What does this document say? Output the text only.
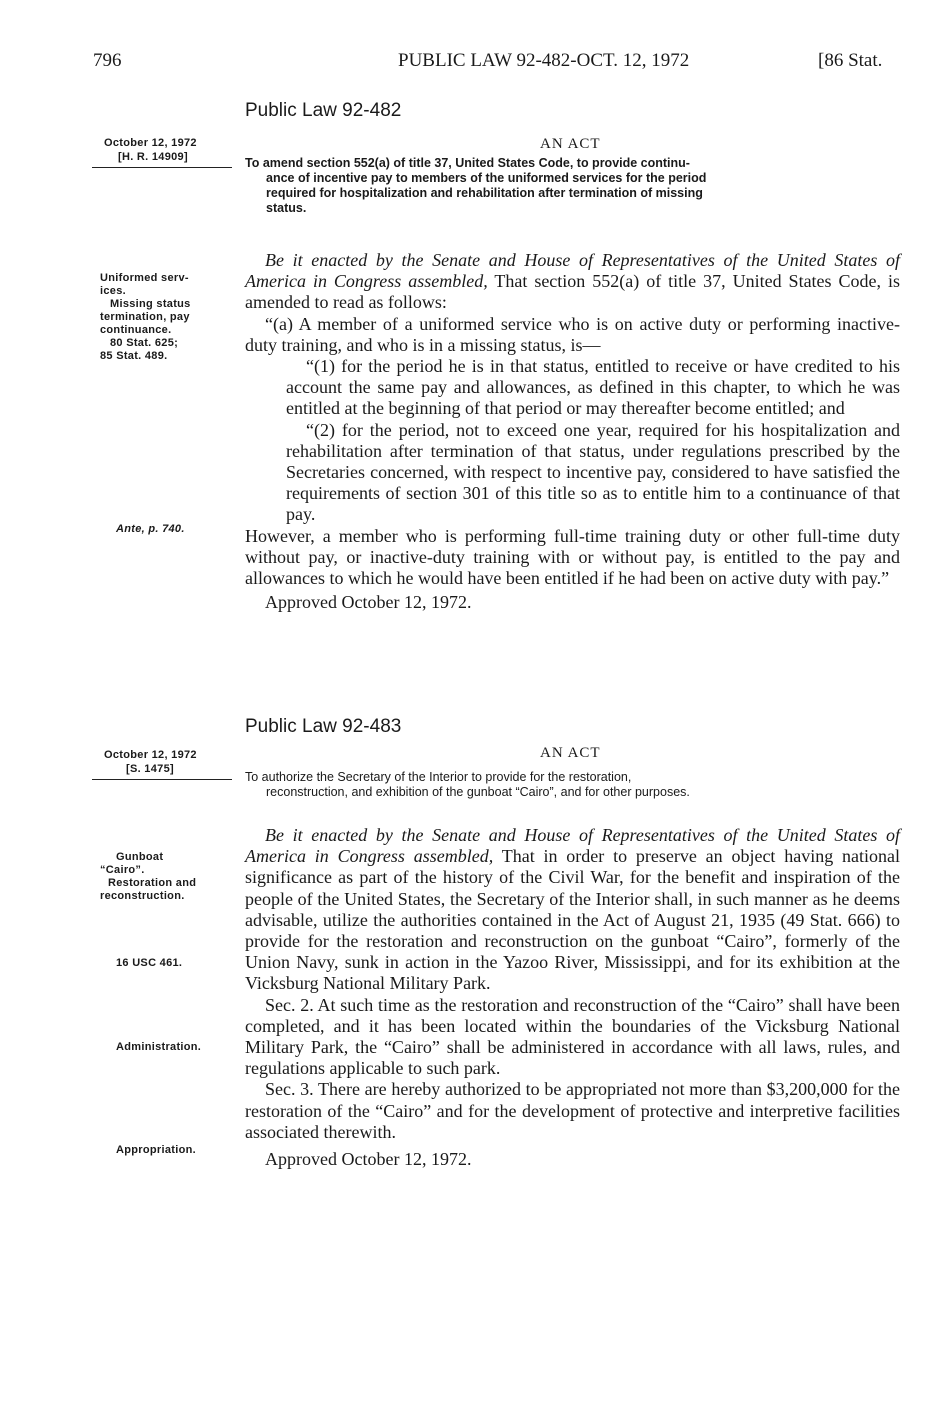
796	PUBLIC LAW 92-482-OCT. 12, 1972	[86 Stat.
Public Law 92-482
October 12, 1972
[H. R. 14909]
AN ACT
To amend section 552(a) of title 37, United States Code, to provide continu-
ance of incentive pay to members of the uniformed services for the period
required for hospitalization and rehabilitation after termination of missing
status.
Uniformed serv-
ices.
Missing status
termination, pay
continuance.
80 Stat. 625;
85 Stat. 489.
Ante, p. 740.

Be it enacted by the Senate and House of Representatives of the United States of America in Congress assembled, That section 552(a) of title 37, United States Code, is amended to read as follows:

“(a) A member of a uniformed service who is on active duty or performing inactive-duty training, and who is in a missing status, is—

“(1) for the period he is in that status, entitled to receive or have credited to his account the same pay and allowances, as defined in this chapter, to which he was entitled at the beginning of that period or may thereafter become entitled; and

“(2) for the period, not to exceed one year, required for his hospitalization and rehabilitation after termination of that status, under regulations prescribed by the Secretaries concerned, with respect to incentive pay, considered to have satisfied the requirements of section 301 of this title so as to entitle him to a continuance of that pay.

However, a member who is performing full-time training duty or other full-time duty without pay, or inactive-duty training with or without pay, is entitled to the pay and allowances to which he would have been entitled if he had been on active duty with pay.”

Approved October 12, 1972.

Public Law 92-483
October 12, 1972
[S. 1475]
AN ACT
To authorize the Secretary of the Interior to provide for the restoration,
reconstruction, and exhibition of the gunboat “Cairo”, and for other purposes.
Gunboat
“Cairo”.
Restoration and
reconstruction.
16 USC 461.
Administration.
Appropriation.

Be it enacted by the Senate and House of Representatives of the United States of America in Congress assembled, That in order to preserve an object having national significance as part of the history of the Civil War, for the benefit and inspiration of the people of the United States, the Secretary of the Interior shall, in such manner as he deems advisable, utilize the authorities contained in the Act of August 21, 1935 (49 Stat. 666) to provide for the restoration and reconstruction on the gunboat “Cairo”, formerly of the Union Navy, sunk in action in the Yazoo River, Mississippi, and for its exhibition at the Vicksburg National Military Park.

Sec. 2. At such time as the restoration and reconstruction of the “Cairo” shall have been completed, and it has been located within the boundaries of the Vicksburg National Military Park, the “Cairo” shall be administered in accordance with all laws, rules, and regulations applicable to such park.

Sec. 3. There are hereby authorized to be appropriated not more than $3,200,000 for the restoration of the “Cairo” and for the development of protective and interpretive facilities associated therewith.

Approved October 12, 1972.
